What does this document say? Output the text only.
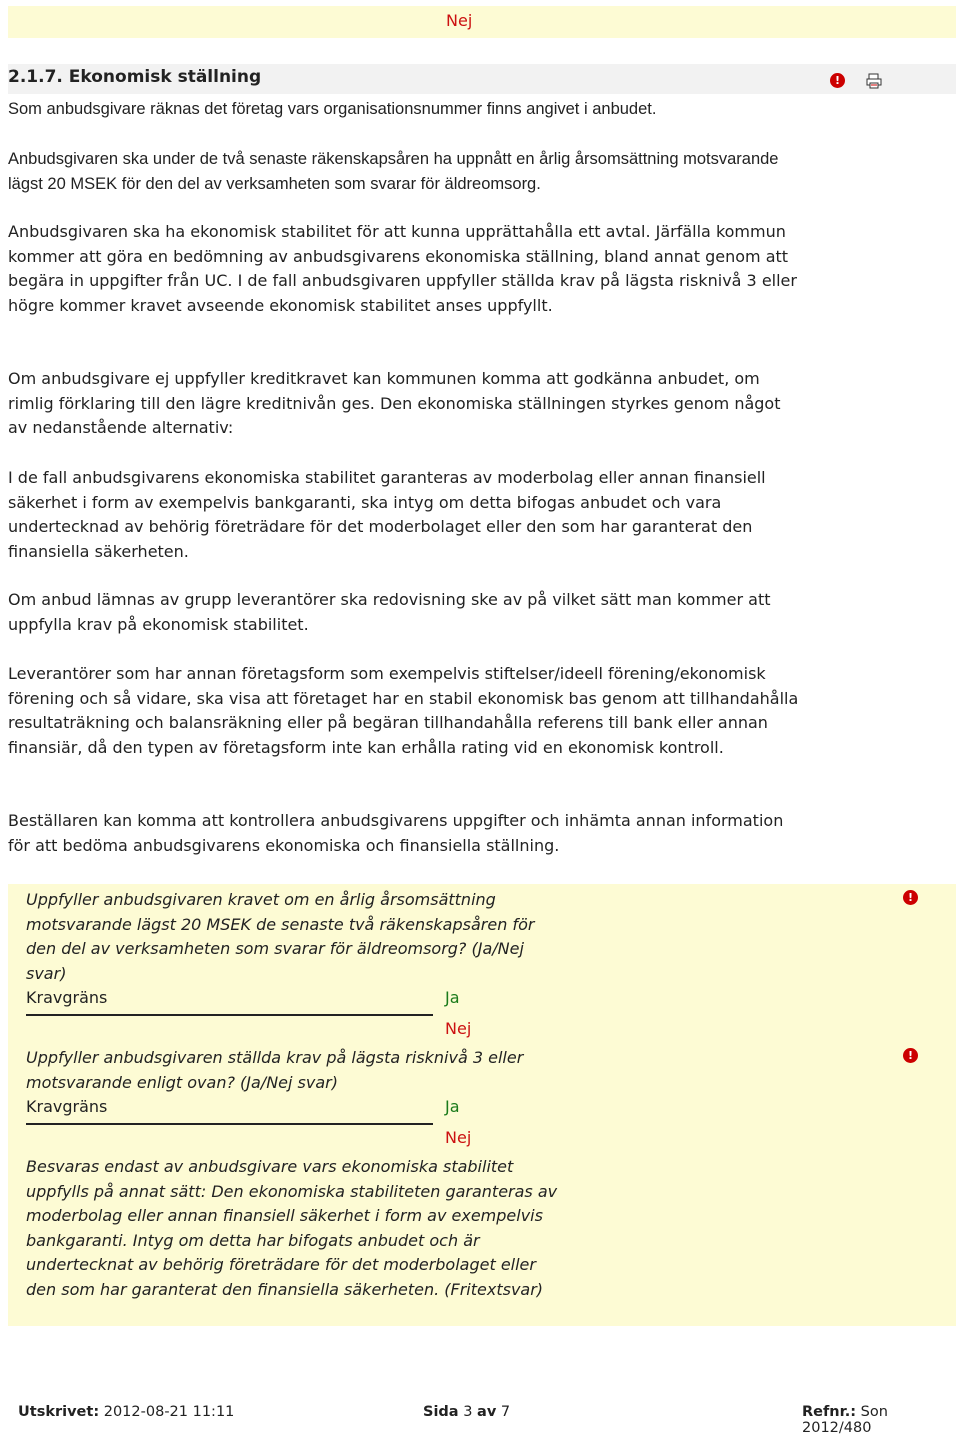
Nej
2.1.7. Ekonomisk ställning	!

Som anbudsgivare räknas det företag vars organisationsnummer finns angivet i anbudet.

Anbudsgivaren ska under de två senaste räkenskapsåren ha uppnått en årlig årsomsättning motsvarande lägst 20 MSEK för den del av verksamheten som svarar för äldreomsorg.

Anbudsgivaren ska ha ekonomisk stabilitet för att kunna upprättahålla ett avtal. Järfälla kommun kommer att göra en bedömning av anbudsgivarens ekonomiska ställning, bland annat genom att begära in uppgifter från UC. I de fall anbudsgivaren uppfyller ställda krav på lägsta risknivå 3 eller högre kommer kravet avseende ekonomisk stabilitet anses uppfyllt.

Om anbudsgivare ej uppfyller kreditkravet kan kommunen komma att godkänna anbudet, om rimlig förklaring till den lägre kreditnivån ges. Den ekonomiska ställningen styrkes genom något av nedanstående alternativ:

I de fall anbudsgivarens ekonomiska stabilitet garanteras av moderbolag eller annan finansiell säkerhet i form av exempelvis bankgaranti, ska intyg om detta bifogas anbudet och vara undertecknad av behörig företrädare för det moderbolaget eller den som har garanterat den finansiella säkerheten.

Om anbud lämnas av grupp leverantörer ska redovisning ske av på vilket sätt man kommer att uppfylla krav på ekonomisk stabilitet.

Leverantörer som har annan företagsform som exempelvis stiftelser/ideell förening/ekonomisk förening och så vidare, ska visa att företaget har en stabil ekonomisk bas genom att tillhandahålla resultaträkning och balansräkning eller på begäran tillhandahålla referens till bank eller annan finansiär, då den typen av företagsform inte kan erhålla rating vid en ekonomisk kontroll.

Beställaren kan komma att kontrollera anbudsgivarens uppgifter och inhämta annan information för att bedöma anbudsgivarens ekonomiska och finansiella ställning.

Uppfyller anbudsgivaren kravet om en årlig årsomsättning motsvarande lägst 20 MSEK de senaste två räkenskapsåren för den del av verksamheten som svarar för äldreomsorg? (Ja/Nej svar)

Kravgräns	Ja
Nej
!

Uppfyller anbudsgivaren ställda krav på lägsta risknivå 3 eller motsvarande enligt ovan? (Ja/Nej svar)

Kravgräns	Ja
Nej
!

Besvaras endast av anbudsgivare vars ekonomiska stabilitet uppfylls på annat sätt: Den ekonomiska stabiliteten garanteras av moderbolag eller annan finansiell säkerhet i form av exempelvis bankgaranti. Intyg om detta har bifogats anbudet och är undertecknat av behörig företrädare för det moderbolaget eller den som har garanterat den finansiella säkerheten. (Fritextsvar)

Utskrivet: 2012-08-21 11:11	Sida 3 av 7	Refnr.: Son 2012/480
